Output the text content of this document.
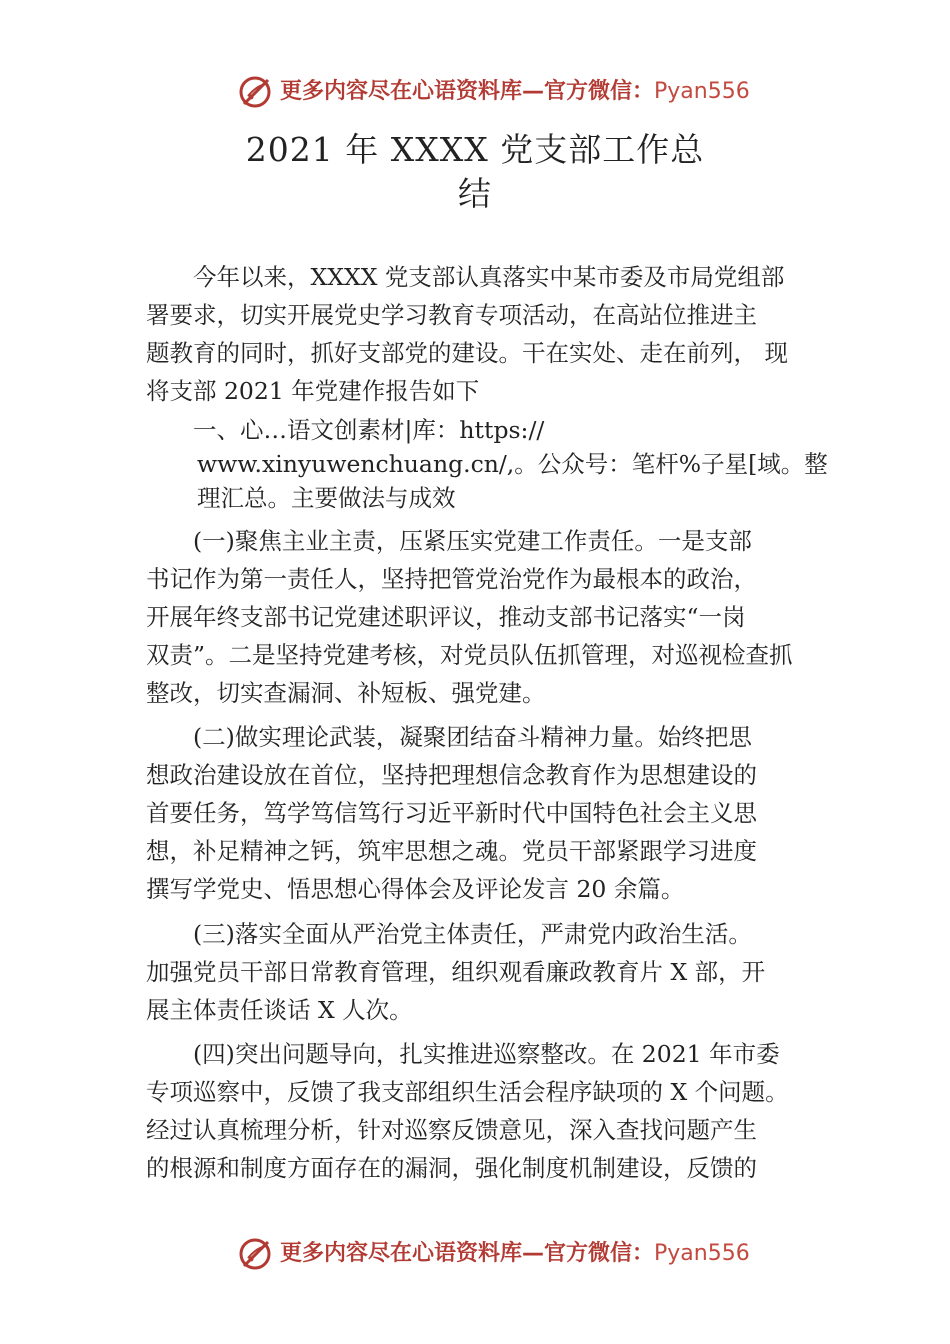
更多内容尽在心语资料库—官方微信：Pyan556
2021 年 XXXX 党支部工作总
结
今年以来，XXXX 党支部认真落实中某市委及市局党组部
署要求，切实开展党史学习教育专项活动，在高站位推进主
题教育的同时，抓好支部党的建设。干在实处、走在前列， 现
将支部 2021 年党建作报告如下
一、心…语文创素材|库：https://
www.xinyuwenchuang.cn/,。公众号：笔杆%子星[域。整
理汇总。主要做法与成效
(一)聚焦主业主责，压紧压实党建工作责任。一是支部
书记作为第一责任人，坚持把管党治党作为最根本的政治，
开展年终支部书记党建述职评议，推动支部书记落实“一岗
双责”。二是坚持党建考核，对党员队伍抓管理，对巡视检查抓
整改，切实查漏洞、补短板、强党建。
(二)做实理论武装，凝聚团结奋斗精神力量。始终把思
想政治建设放在首位，坚持把理想信念教育作为思想建设的
首要任务，笃学笃信笃行习近平新时代中国特色社会主义思
想，补足精神之钙，筑牢思想之魂。党员干部紧跟学习进度
撰写学党史、悟思想心得体会及评论发言 20 余篇。
(三)落实全面从严治党主体责任，严肃党内政治生活。
加强党员干部日常教育管理，组织观看廉政教育片 X 部，开
展主体责任谈话 X 人次。
(四)突出问题导向，扎实推进巡察整改。在 2021 年市委
专项巡察中，反馈了我支部组织生活会程序缺项的 X 个问题。
经过认真梳理分析，针对巡察反馈意见，深入查找问题产生
的根源和制度方面存在的漏洞，强化制度机制建设，反馈的
更多内容尽在心语资料库—官方微信：Pyan556
